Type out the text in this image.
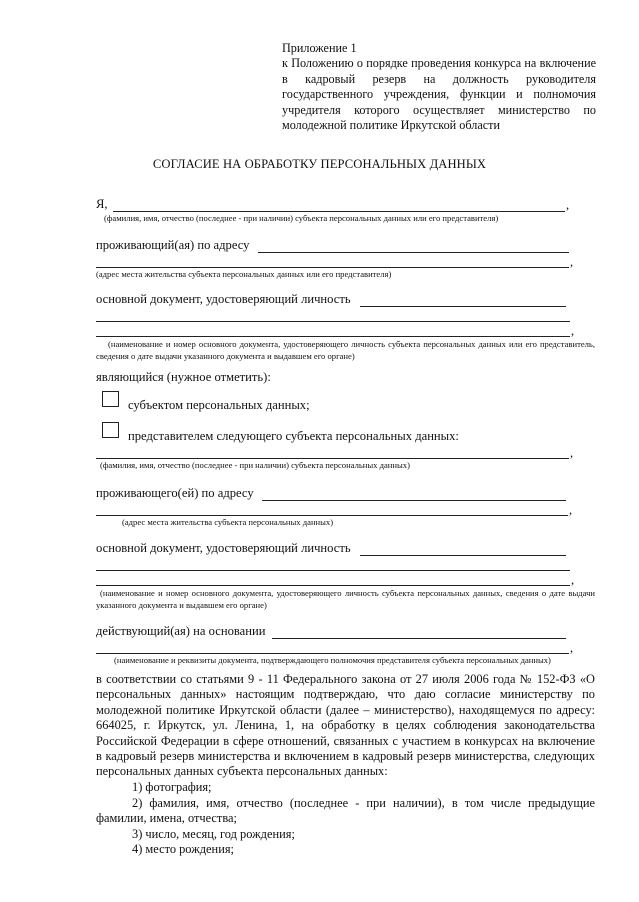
Приложение 1
к Положению о порядке проведения конкурса на включение в кадровый резерв на должность руководителя государственного учреждения, функции и полномочия учредителя которого осуществляет министерство по молодежной политике Иркутской области
СОГЛАСИЕ НА ОБРАБОТКУ ПЕРСОНАЛЬНЫХ ДАННЫХ
Я,	,
(фамилия, имя, отчество (последнее - при наличии) субъекта персональных данных или его представителя)
проживающий(ая) по адресу
,
(адрес места жительства субъекта персональных данных или его представителя)
основной документ, удостоверяющий личность
,
(наименование и номер основного документа, удостоверяющего личность субъекта персональных данных или его представитель, сведения о дате выдачи указанного документа и выдавшем его органе)
являющийся (нужное отметить):
субъектом персональных данных;
представителем следующего субъекта персональных данных:
,
(фамилия, имя, отчество (последнее - при наличии) субъекта персональных данных)
проживающего(ей) по адресу
,
(адрес места жительства субъекта персональных данных)
основной документ, удостоверяющий личность
,
(наименование и номер основного документа, удостоверяющего личность субъекта персональных данных, сведения о дате выдачи указанного документа и выдавшем его органе)
действующий(ая) на основании
,
(наименование и реквизиты документа, подтверждающего полномочия представителя субъекта персональных данных)

в соответствии со статьями 9 - 11 Федерального закона от 27 июля 2006 года № 152-ФЗ «О персональных данных» настоящим подтверждаю, что даю согласие министерству по молодежной политике Иркутской области (далее – министерство), находящемуся по адресу: 664025, г. Иркутск, ул. Ленина, 1, на обработку в целях соблюдения законодательства Российской Федерации в сфере отношений, связанных с участием в конкурсах на включение в кадровый резерв министерства и включением в кадровый резерв министерства, следующих персональных данных субъекта персональных данных:

1) фотография;
2) фамилия, имя, отчество (последнее - при наличии), в том числе предыдущие фамилии, имена, отчества;
3) число, месяц, год рождения;
4) место рождения;
